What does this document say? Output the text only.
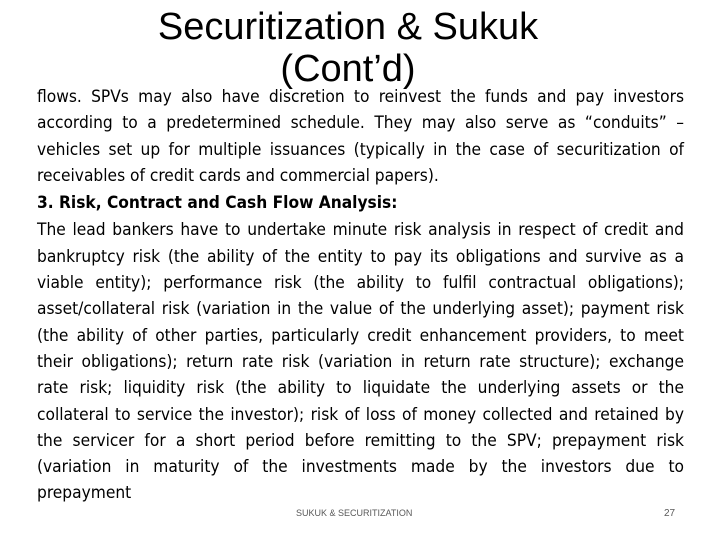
Securitization & Sukuk
(Cont’d)

flows. SPVs may also have discretion to reinvest the funds and pay investors according to a predetermined schedule. They may also serve as “conduits” – vehicles set up for multiple issuances (typically in the case of securitization of receivables of credit cards and commercial papers).

3. Risk, Contract and Cash Flow Analysis:

The lead bankers have to undertake minute risk analysis in respect of credit and bankruptcy risk (the ability of the entity to pay its obligations and survive as a viable entity); performance risk (the ability to fulfil contractual obligations); asset/collateral risk (variation in the value of the underlying asset); payment risk (the ability of other parties, particularly credit enhancement providers, to meet their obligations); return rate risk (variation in return rate structure); exchange rate risk; liquidity risk (the ability to liquidate the underlying assets or the collateral to service the investor); risk of loss of money collected and retained by the servicer for a short period before remitting to the SPV; prepayment risk (variation in maturity of the investments made by the investors due to prepayment

SUKUK & SECURITIZATION	27
